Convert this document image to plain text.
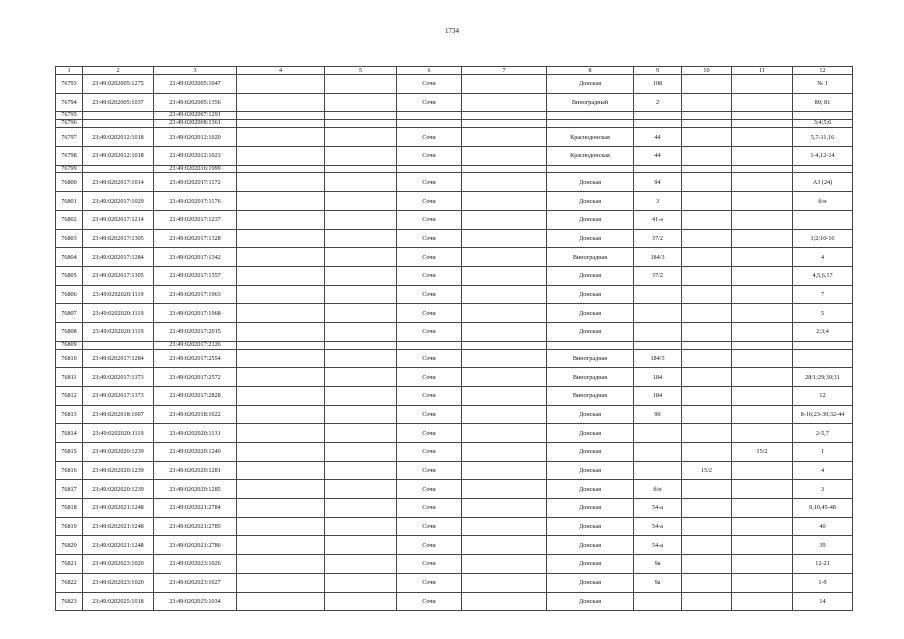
1734
1	2	3	4	5	6	7	8	9	10	11	12
76793	23:49:0202005:1275	23:49:0202005:1047			Сочи		Донская	108			№ 1
76794	23:49:0202005:1037	23:49:0202005:1356			Сочи		Виноградный	2			80; 81
76795		23:49:0202007:1291									
76796		23:49:0202008:1361									3;4;5;6
76797	23:49:0202012:1018	23:49:0202012:1020			Сочи		Краснодонская	44			5,7-11,16
76798	23:49:0202012:1018	23:49:0202012:1023			Сочи		Краснодонская	44			1-4,12-14
76799		23:49:0202016:1999									
76800	23:49:0202017:1014	23:49:0202017:1172			Сочи		Донская	94			А3 (24)
76801	23:49:0202017:1029	23:49:0202017:1176			Сочи		Донская	3			б/н
76802	23:49:0202017:1214	23:49:0202017:1237			Сочи		Донская	41-а			
76803	23:49:0202017:1305	23:49:0202017:1328			Сочи		Донская	37/2			1;2;10-16
76804	23:49:0202017:1284	23:49:0202017:1342			Сочи		Виноградная	184/3			4
76805	23:49:0202017:1305	23:49:0202017:1357			Сочи		Донская	37/2			4,5,6,17
76806	23:49:0202020:1119	23:49:0202017:1963			Сочи		Донская				7
76807	23:49:0202020:1119	23:49:0202017:1968			Сочи		Донская				5
76808	23:49:0202020:1119	23:49:0202017:2015			Сочи		Донская				2;3;4
76809		23:49:0202017:2126									
76810	23:49:0202017:1284	23:49:0202017:2554			Сочи		Виноградная	184/3			
76811	23:49:0202017:1373	23:49:0202017:2572			Сочи		Виноградная	184			28/1;29;30;31
76812	23:49:0202017:1373	23:49:0202017:2828			Сочи		Виноградная	184			12
76813	23:49:0202018:1007	23:49:0202018:1022			Сочи		Донская	90			8-16;23-30;32-44
76814	23:49:0202020:1119	23:49:0202020:1131			Сочи		Донская				2-5,7
76815	23:49:0202020:1239	23:49:0202020:1240			Сочи		Донская			15/2	1
76816	23:49:0202020:1239	23:49:0202020:1281			Сочи		Донская		15/2		4
76817	23:49:0202020:1239	23:49:0202020:1285			Сочи		Донская	б/н			3
76818	23:49:0202021:1248	23:49:0202021:2784			Сочи		Донская	54-а			9,10,45-48
76819	23:49:0202021:1248	23:49:0202021:2785			Сочи		Донская	54-а			40
76820	23:49:0202021:1248	23:49:0202021:2786			Сочи		Донская	54-а			39
76821	23:49:0202023:1020	23:49:0202023:1026			Сочи		Донская	9а			12-21
76822	23:49:0202023:1020	23:49:0202023:1027			Сочи		Донская	9а			1-9
76823	23:49:0202025:1018	23:49:0202025:1034			Сочи		Донская				14
